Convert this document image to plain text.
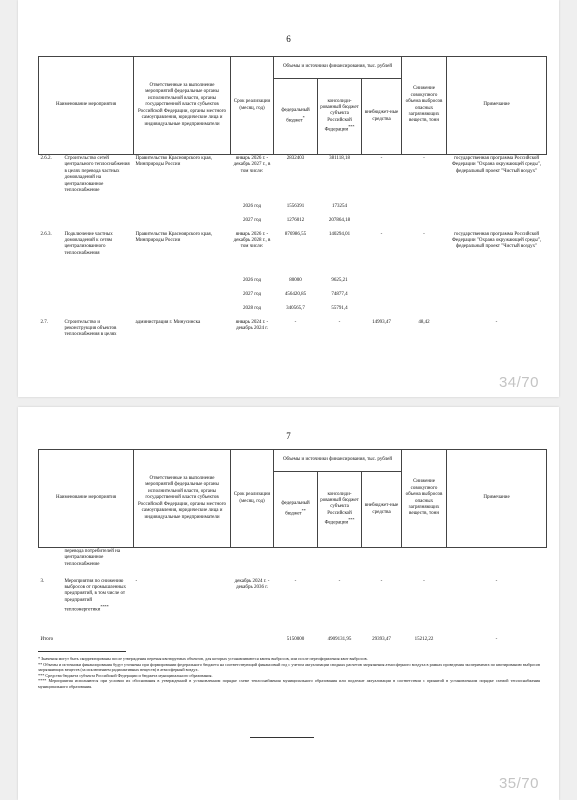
6
Наименование мероприятия		Ответственные за выполнение мероприятий федеральные органы исполнительной власти, органы государственной власти субъектов Российской Федерации, органы местного самоуправления, юридические лица и индивидуальные предприниматели	Срок реализации (месяц, год)	Объемы и источники финансирования, тыс. рублей			Снижение совокупного объема выбросов опасных загрязняющих веществ, тонн	Примечание
				федеральный бюджет*	консолиди-рованный бюджет субъекта Российской Федерации***	внебюджет-ные средства		
2.6.2.	Строительство сетей центрального теплоснабжения в целях перевода частных домовладений на централизованное теплоснабжение	Правительство Красноярского края, Минприроды России	январь 2026 г. - декабрь 2027 г., в том числе:	2832403	381118,18	-	-	государственная программа Российской Федерации "Охрана окружающей среды", федеральный проект "Чистый воздух"
			2026 год	1556391	173254			
			2027 год	1276012	207864,18			
2.6.3.	Подключение частных домовладений к сетям централизованного теплоснабжения	Правительство Красноярского края, Минприроды России	январь 2026 г. - декабрь 2028 г., в том числе:	876986,55	140294,01	-	-	государственная программа Российской Федерации "Охрана окружающей среды", федеральный проект "Чистый воздух"
			2026 год	80000	9625,21			
			2027 год	456420,85	74877,4			
			2028 год	340565,7	55791,4			
2.7.	Строительство и реконструкция объектов теплоснабжения в целях	администрация г. Минусинска	январь 2024 г. - декабрь 2024 г.	-	-	14993,47	48,42	-
34/70
7
Наименование мероприятия		Ответственные за выполнение мероприятий федеральные органы исполнительной власти, органы государственной власти субъектов Российской Федерации, органы местного самоуправления, юридические лица и индивидуальные предприниматели	Срок реализации (месяц, год)	Объемы и источники финансирования, тыс. рублей			Снижение совокупного объема выбросов опасных загрязняющих веществ, тонн	Примечание
				федеральный бюджет**	консолиди-рованный бюджет субъекта Российской Федерации***	внебюджет-ные средства		
	перевода потребителей на централизованное теплоснабжение							
3.	Мероприятия по снижению выбросов от промышленных предприятий, в том числе от предприятий теплоэнергетики****	-	декабрь 2024 г. - декабрь 2036 г.	-	-	-	-	-
Итого				5150000	4909131,95	29393,47	15212,22	-

* Значения могут быть скорректированы после утверждения перечня квотируемых объектов, для которых устанавливаются квоты выбросов, или после переоформления квот выбросов.

** Объемы и источники финансирования будут уточнены при формировании федерального бюджета на соответствующий финансовый год с учетом актуализации сводных расчетов загрязнения атмосферного воздуха в рамках проведения эксперимента по квотированию выбросов загрязняющих веществ (за исключением радиоактивных веществ) в атмосферный воздух.

*** Средства бюджета субъекта Российской Федерации и бюджета муниципального образования.

**** Мероприятия исполняются при условии их обоснования в утвержденной в установленном порядке схеме теплоснабжения муниципального образования или подлежат актуализации в соответствии с принятой в установленном порядке схемой теплоснабжения муниципального образования.

35/70
